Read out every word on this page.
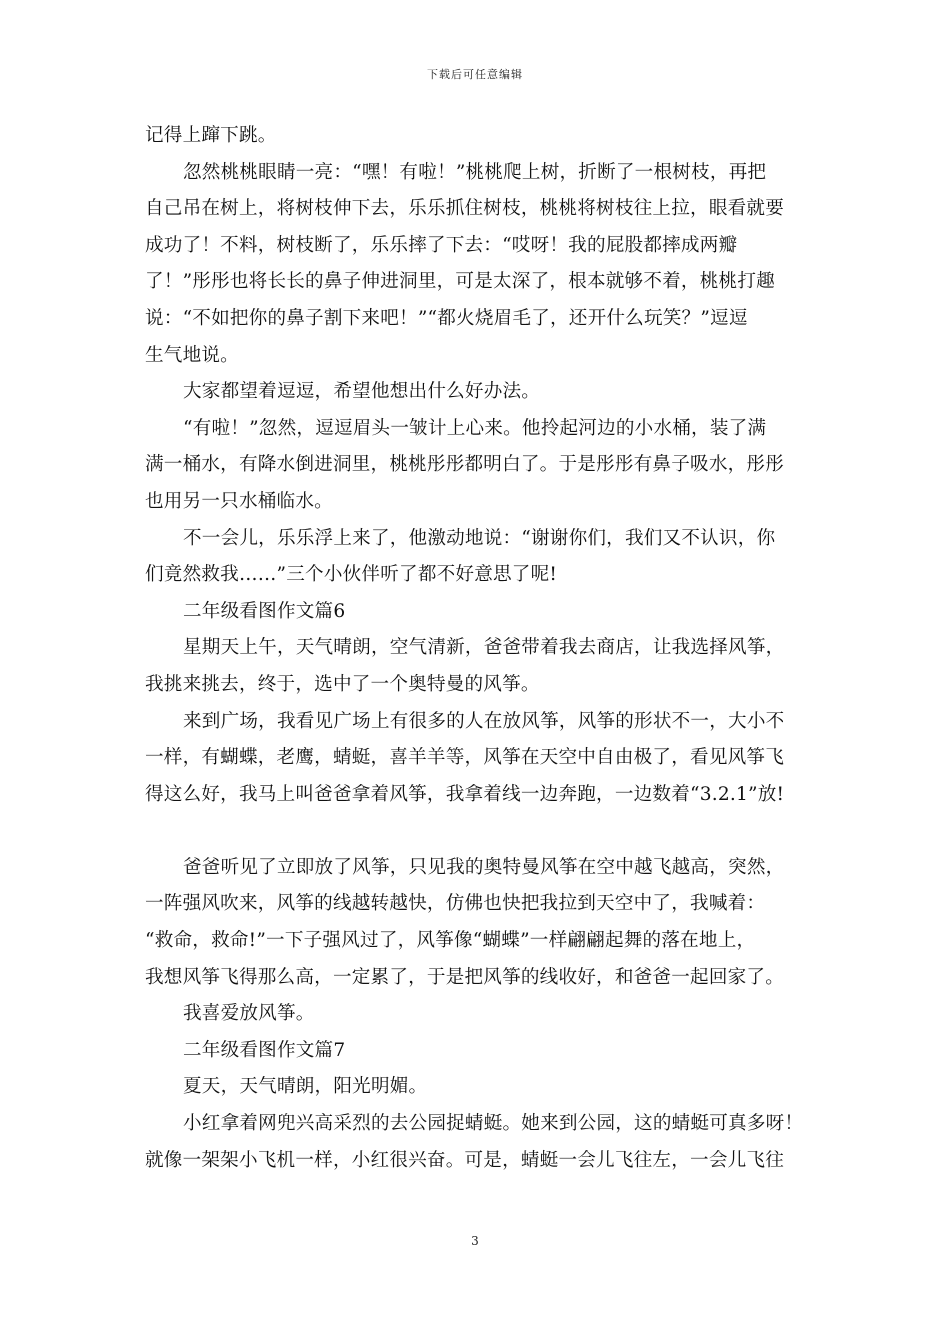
下载后可任意编辑
记得上蹿下跳。
忽然桃桃眼睛一亮：“嘿！有啦！”桃桃爬上树，折断了一根树枝，再把
自己吊在树上，将树枝伸下去，乐乐抓住树枝，桃桃将树枝往上拉，眼看就要
成功了！不料，树枝断了，乐乐摔了下去：“哎呀！我的屁股都摔成两瓣
了！”彤彤也将长长的鼻子伸进洞里，可是太深了，根本就够不着，桃桃打趣
说：“不如把你的鼻子割下来吧！”“都火烧眉毛了，还开什么玩笑？”逗逗
生气地说。
大家都望着逗逗，希望他想出什么好办法。
“有啦！”忽然，逗逗眉头一皱计上心来。他拎起河边的小水桶，装了满
满一桶水，有降水倒进洞里，桃桃彤彤都明白了。于是彤彤有鼻子吸水，彤彤
也用另一只水桶临水。
不一会儿，乐乐浮上来了，他激动地说：“谢谢你们，我们又不认识，你
们竟然救我……”三个小伙伴听了都不好意思了呢!
二年级看图作文篇6
星期天上午，天气晴朗，空气清新，爸爸带着我去商店，让我选择风筝，
我挑来挑去，终于，选中了一个奥特曼的风筝。
来到广场，我看见广场上有很多的人在放风筝，风筝的形状不一，大小不
一样，有蝴蝶，老鹰，蜻蜓，喜羊羊等，风筝在天空中自由极了，看见风筝飞
得这么好，我马上叫爸爸拿着风筝，我拿着线一边奔跑，一边数着“3.2.1”放!
爸爸听见了立即放了风筝，只见我的奥特曼风筝在空中越飞越高，突然，
一阵强风吹来，风筝的线越转越快，仿佛也快把我拉到天空中了，我喊着：
“救命，救命!”一下子强风过了，风筝像“蝴蝶”一样翩翩起舞的落在地上，
我想风筝飞得那么高，一定累了，于是把风筝的线收好，和爸爸一起回家了。
我喜爱放风筝。
二年级看图作文篇7
夏天，天气晴朗，阳光明媚。
小红拿着网兜兴高采烈的去公园捉蜻蜓。她来到公园，这的蜻蜓可真多呀！
就像一架架小飞机一样，小红很兴奋。可是，蜻蜓一会儿飞往左，一会儿飞往
3
